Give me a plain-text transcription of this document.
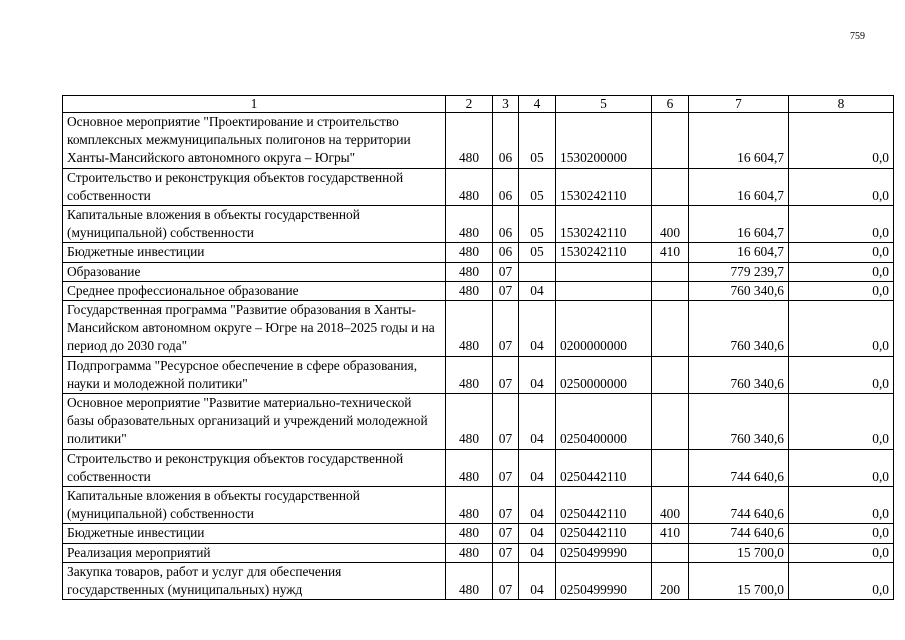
759
1	2	3	4	5	6	7	8
Основное мероприятие "Проектирование и строительство комплексных межмуниципальных полигонов на территории Ханты-Мансийского автономного округа – Югры"	480	06	05	1530200000		16 604,7	0,0
Строительство и реконструкция объектов государственной собственности	480	06	05	1530242110		16 604,7	0,0
Капитальные вложения в объекты государственной (муниципальной) собственности	480	06	05	1530242110	400	16 604,7	0,0
Бюджетные инвестиции	480	06	05	1530242110	410	16 604,7	0,0
Образование	480	07				779 239,7	0,0
Среднее профессиональное образование	480	07	04			760 340,6	0,0
Государственная программа "Развитие образования в Ханты-Мансийском автономном округе – Югре на 2018–2025 годы и на период до 2030 года"	480	07	04	0200000000		760 340,6	0,0
Подпрограмма "Ресурсное обеспечение в сфере образования, науки и молодежной политики"	480	07	04	0250000000		760 340,6	0,0
Основное мероприятие "Развитие материально-технической базы образовательных организаций и учреждений молодежной политики"	480	07	04	0250400000		760 340,6	0,0
Строительство и реконструкция объектов государственной собственности	480	07	04	0250442110		744 640,6	0,0
Капитальные вложения в объекты государственной (муниципальной) собственности	480	07	04	0250442110	400	744 640,6	0,0
Бюджетные инвестиции	480	07	04	0250442110	410	744 640,6	0,0
Реализация мероприятий	480	07	04	0250499990		15 700,0	0,0
Закупка товаров, работ и услуг для обеспечения государственных (муниципальных) нужд	480	07	04	0250499990	200	15 700,0	0,0
